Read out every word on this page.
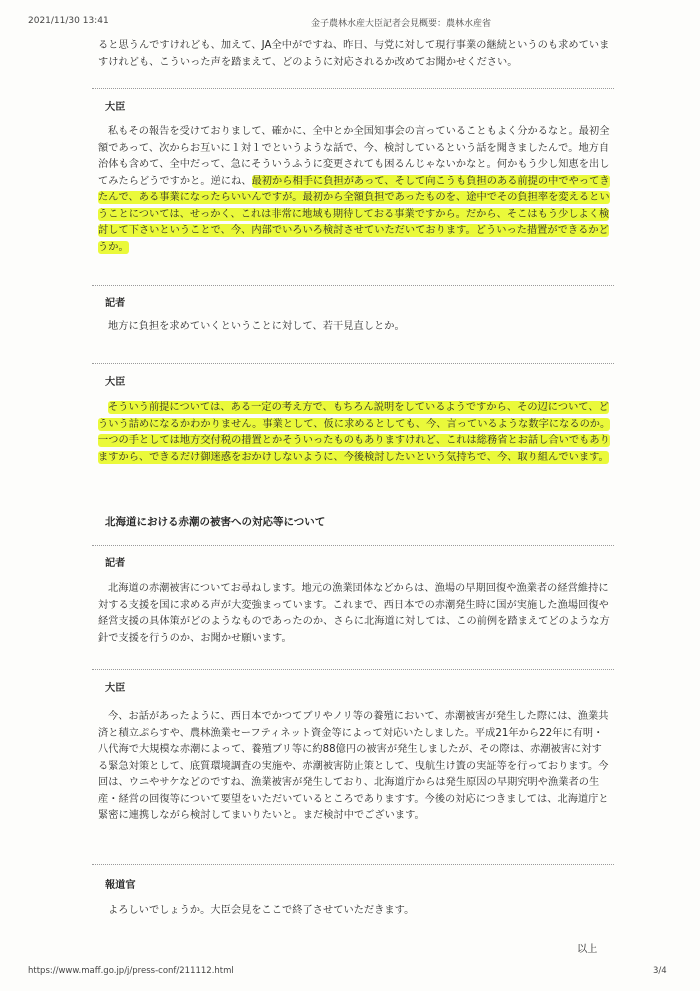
2021/11/30 13:41	金子農林水産大臣記者会見概要：農林水産省

ると思うんですけれども、加えて、JA全中がですね、昨日、与党に対して現行事業の継続というのも求めていますけれども、こういった声を踏まえて、どのように対応されるか改めてお聞かせください。

大臣

私もその報告を受けておりまして、確かに、全中とか全国知事会の言っていることもよく分かるなと。最初全額であって、次からお互いに１対１でというような話で、今、検討しているという話を聞きましたんで。地方自治体も含めて、全中だって、急にそういうふうに変更されても困るんじゃないかなと。何かもう少し知恵を出してみたらどうですかと。逆にね、最初から相手に負担があって、そして向こうも負担のある前提の中でやってきたんで、ある事業になったらいいんですが。最初から全額負担であったものを、途中でその負担率を変えるということについては、せっかく、これは非常に地域も期待しておる事業ですから。だから、そこはもう少しよく検討して下さいということで、今、内部でいろいろ検討させていただいております。どういった措置ができるかどうか。

記者

地方に負担を求めていくということに対して、若干見直しとか。

大臣

そういう前提については、ある一定の考え方で、もちろん説明をしているようですから、その辺について、どういう詰めになるかわかりません。事業として、仮に求めるとしても、今、言っているような数字になるのか。一つの手としては地方交付税の措置とかそういったものもありますけれど、これは総務省とお話し合いでもありますから、できるだけ御迷惑をおかけしないように、今後検討したいという気持ちで、今、取り組んでいます。

北海道における赤潮の被害への対応等について
記者

北海道の赤潮被害についてお尋ねします。地元の漁業団体などからは、漁場の早期回復や漁業者の経営維持に対する支援を国に求める声が大変強まっています。これまで、西日本での赤潮発生時に国が実施した漁場回復や経営支援の具体策がどのようなものであったのか、さらに北海道に対しては、この前例を踏まえてどのような方針で支援を行うのか、お聞かせ願います。

大臣

今、お話があったように、西日本でかつてブリやノリ等の養殖において、赤潮被害が発生した際には、漁業共済と積立ぷらすや、農林漁業セーフティネット資金等によって対応いたしました。平成21年から22年に有明・八代海で大規模な赤潮によって、養殖ブリ等に約88億円の被害が発生しましたが、その際は、赤潮被害に対する緊急対策として、底質環境調査の実施や、赤潮被害防止策として、曳航生け簀の実証等を行っております。今回は、ウニやサケなどのですね、漁業被害が発生しており、北海道庁からは発生原因の早期究明や漁業者の生産・経営の回復等について要望をいただいているところでありますす。今後の対応につきましては、北海道庁と緊密に連携しながら検討してまいりたいと。まだ検討中でございます。

報道官

よろしいでしょうか。大臣会見をここで終了させていただきます。

以上
https://www.maff.go.jp/j/press-conf/211112.html	3/4
